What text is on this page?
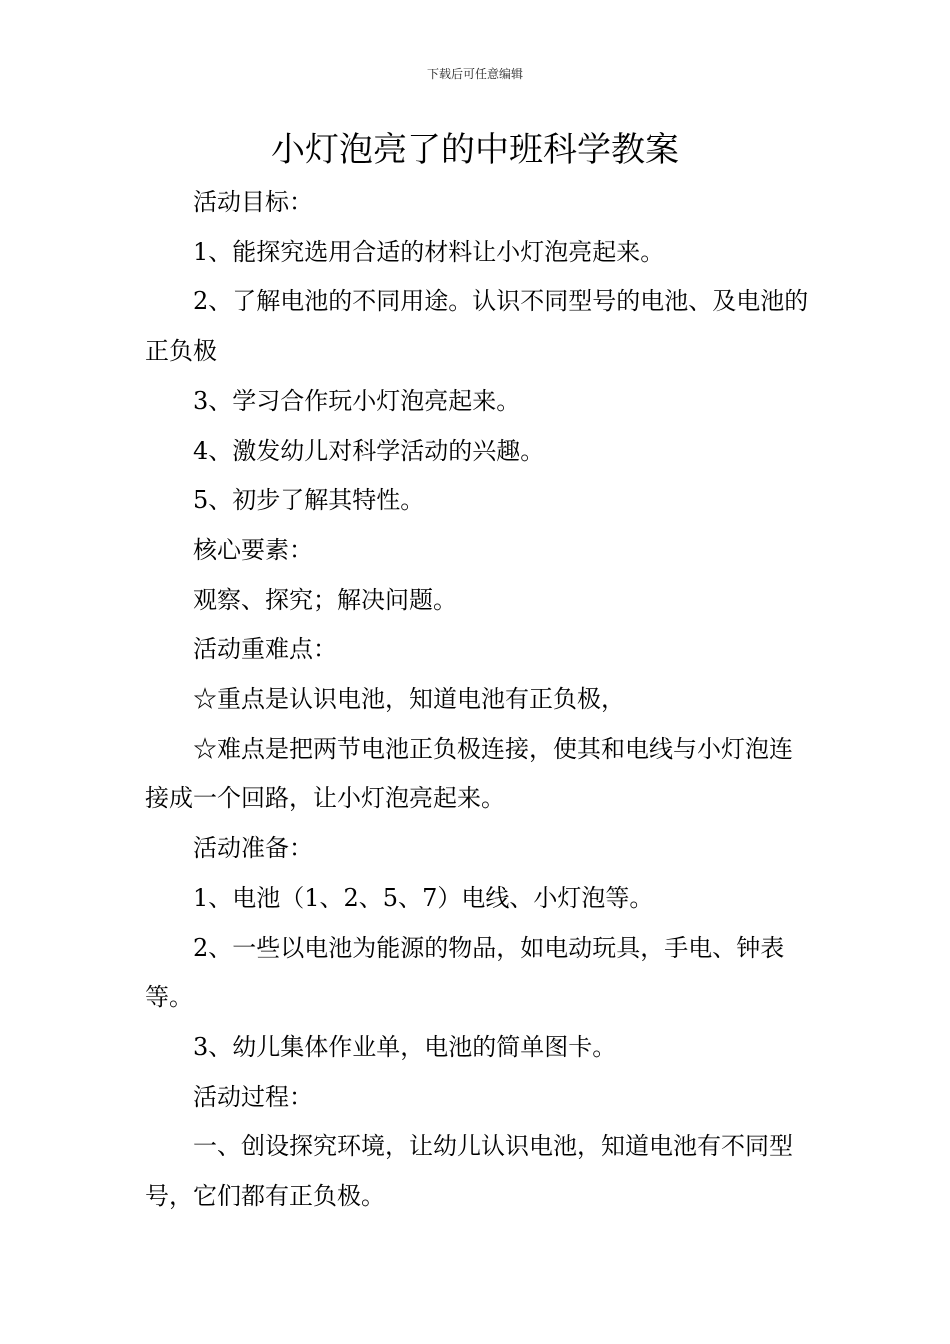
下载后可任意编辑
小灯泡亮了的中班科学教案

活动目标：

1、能探究选用合适的材料让小灯泡亮起来。

2、了解电池的不同用途。认识不同型号的电池、及电池的正负极

3、学习合作玩小灯泡亮起来。

4、激发幼儿对科学活动的兴趣。

5、初步了解其特性。

核心要素：

观察、探究；解决问题。

活动重难点：

☆重点是认识电池，知道电池有正负极，

☆难点是把两节电池正负极连接，使其和电线与小灯泡连接成一个回路，让小灯泡亮起来。

活动准备：

1、电池（1、2、5、7）电线、小灯泡等。

2、一些以电池为能源的物品，如电动玩具，手电、钟表等。

3、幼儿集体作业单，电池的简单图卡。

活动过程：

一、创设探究环境，让幼儿认识电池，知道电池有不同型号，它们都有正负极。
